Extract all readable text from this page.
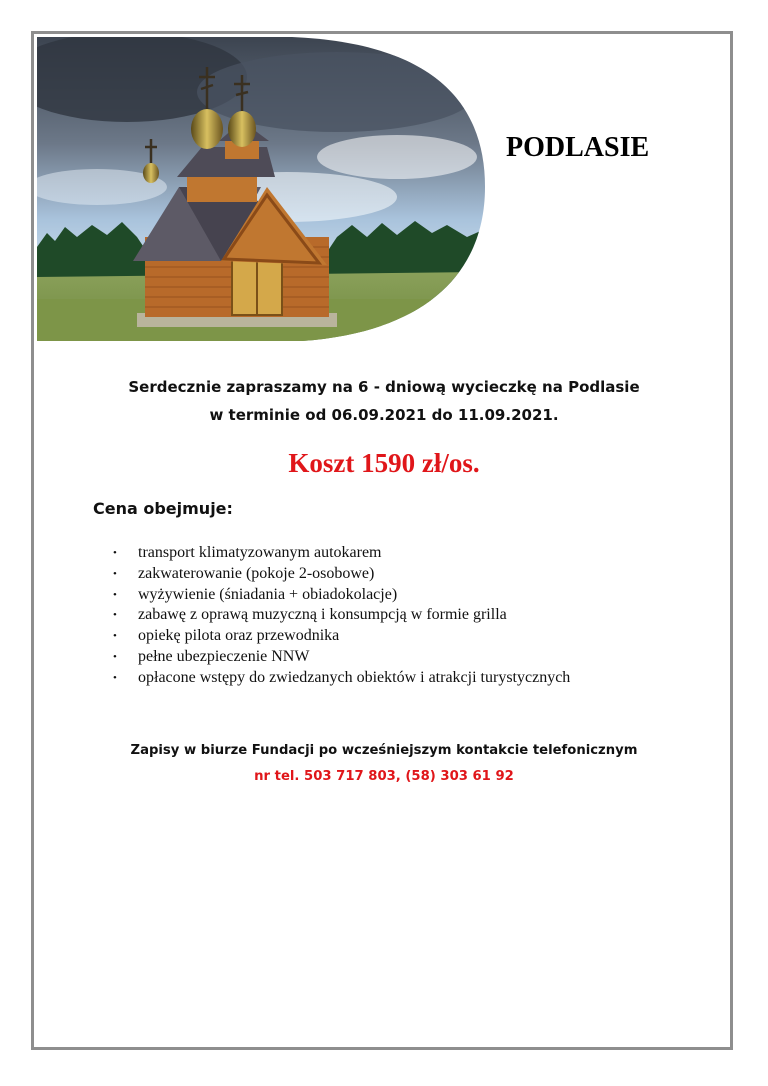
PODLASIE
Serdecznie zapraszamy na 6 - dniową wycieczkę na Podlasie
w terminie od 06.09.2021 do 11.09.2021.
Koszt 1590 zł/os.
Cena obejmuje:
• transport klimatyzowanym autokarem
• zakwaterowanie (pokoje 2-osobowe)
• wyżywienie (śniadania + obiadokolacje)
• zabawę z oprawą muzyczną i konsumpcją w formie grilla
• opiekę pilota oraz przewodnika
• pełne ubezpieczenie NNW
• opłacone wstępy do zwiedzanych obiektów i atrakcji turystycznych
Zapisy w biurze Fundacji po wcześniejszym kontakcie telefonicznym
nr tel. 503 717 803, (58) 303 61 92
